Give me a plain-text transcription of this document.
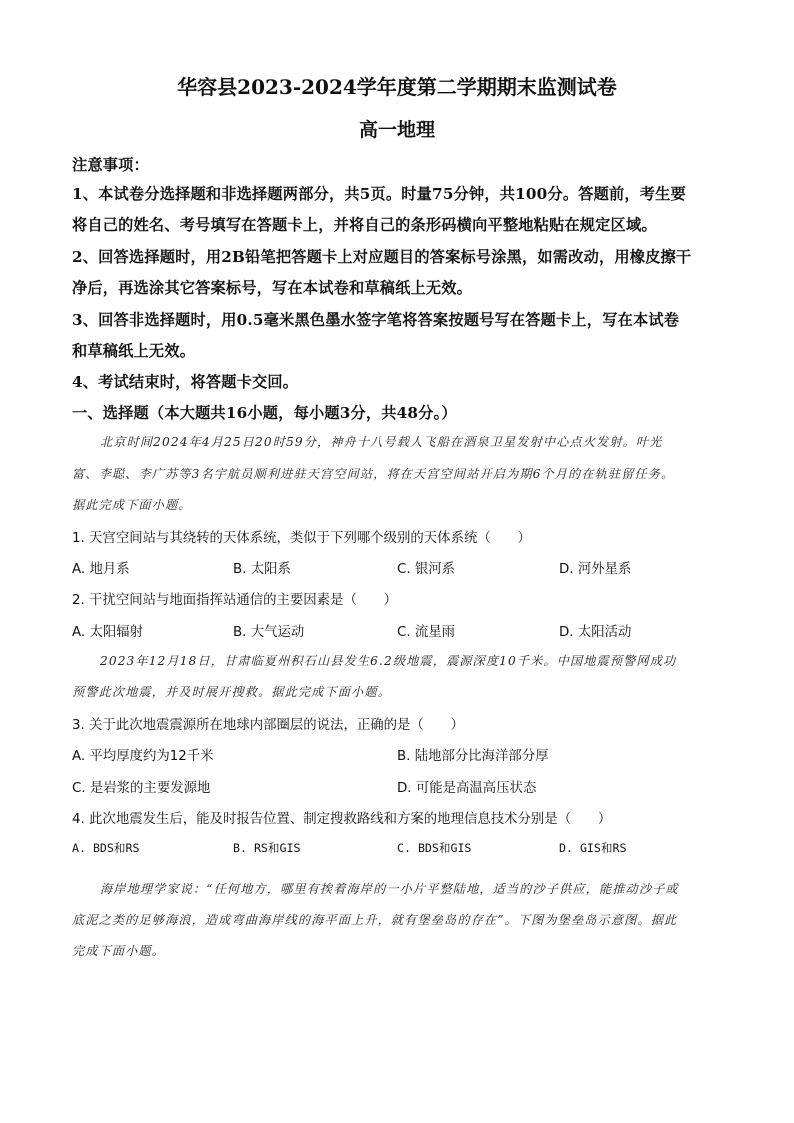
华容县2023-2024学年度第二学期期末监测试卷
高一地理
注意事项：
1、本试卷分选择题和非选择题两部分，共5页。时量75分钟，共100分。答题前，考生要
将自己的姓名、考号填写在答题卡上，并将自己的条形码横向平整地粘贴在规定区域。
2、回答选择题时，用2B铅笔把答题卡上对应题目的答案标号涂黑，如需改动，用橡皮擦干
净后，再选涂其它答案标号，写在本试卷和草稿纸上无效。
3、回答非选择题时，用0.5毫米黑色墨水签字笔将答案按题号写在答题卡上，写在本试卷
和草稿纸上无效。
4、考试结束时，将答题卡交回。
一、选择题（本大题共16小题，每小题3分，共48分。）
北京时间2024年4月25日20时59分，神舟十八号载人飞船在酒泉卫星发射中心点火发射。叶光
富、李聪、李广苏等3名宇航员顺利进驻天宫空间站，将在天宫空间站开启为期6个月的在轨驻留任务。
据此完成下面小题。
1. 天宫空间站与其绕转的天体系统，类似于下列哪个级别的天体系统（　　）
A. 地月系	B. 太阳系	C. 银河系	D. 河外星系
2. 干扰空间站与地面指挥站通信的主要因素是（　　）
A. 太阳辐射	B. 大气运动	C. 流星雨	D. 太阳活动
2023年12月18日，甘肃临夏州积石山县发生6.2级地震，震源深度10千米。中国地震预警网成功
预警此次地震，并及时展开搜救。据此完成下面小题。
3. 关于此次地震震源所在地球内部圈层的说法，正确的是（　　）
A. 平均厚度约为12千米	B. 陆地部分比海洋部分厚
C. 是岩浆的主要发源地	D. 可能是高温高压状态
4. 此次地震发生后，能及时报告位置、制定搜救路线和方案的地理信息技术分别是（　　）
A. BDS和RS	B. RS和GIS	C. BDS和GIS	D. GIS和RS
海岸地理学家说：“任何地方，哪里有挨着海岸的一小片平整陆地，适当的沙子供应，能推动沙子或
底泥之类的足够海浪，造成弯曲海岸线的海平面上升，就有堡垒岛的存在”。下图为堡垒岛示意图。据此
完成下面小题。
